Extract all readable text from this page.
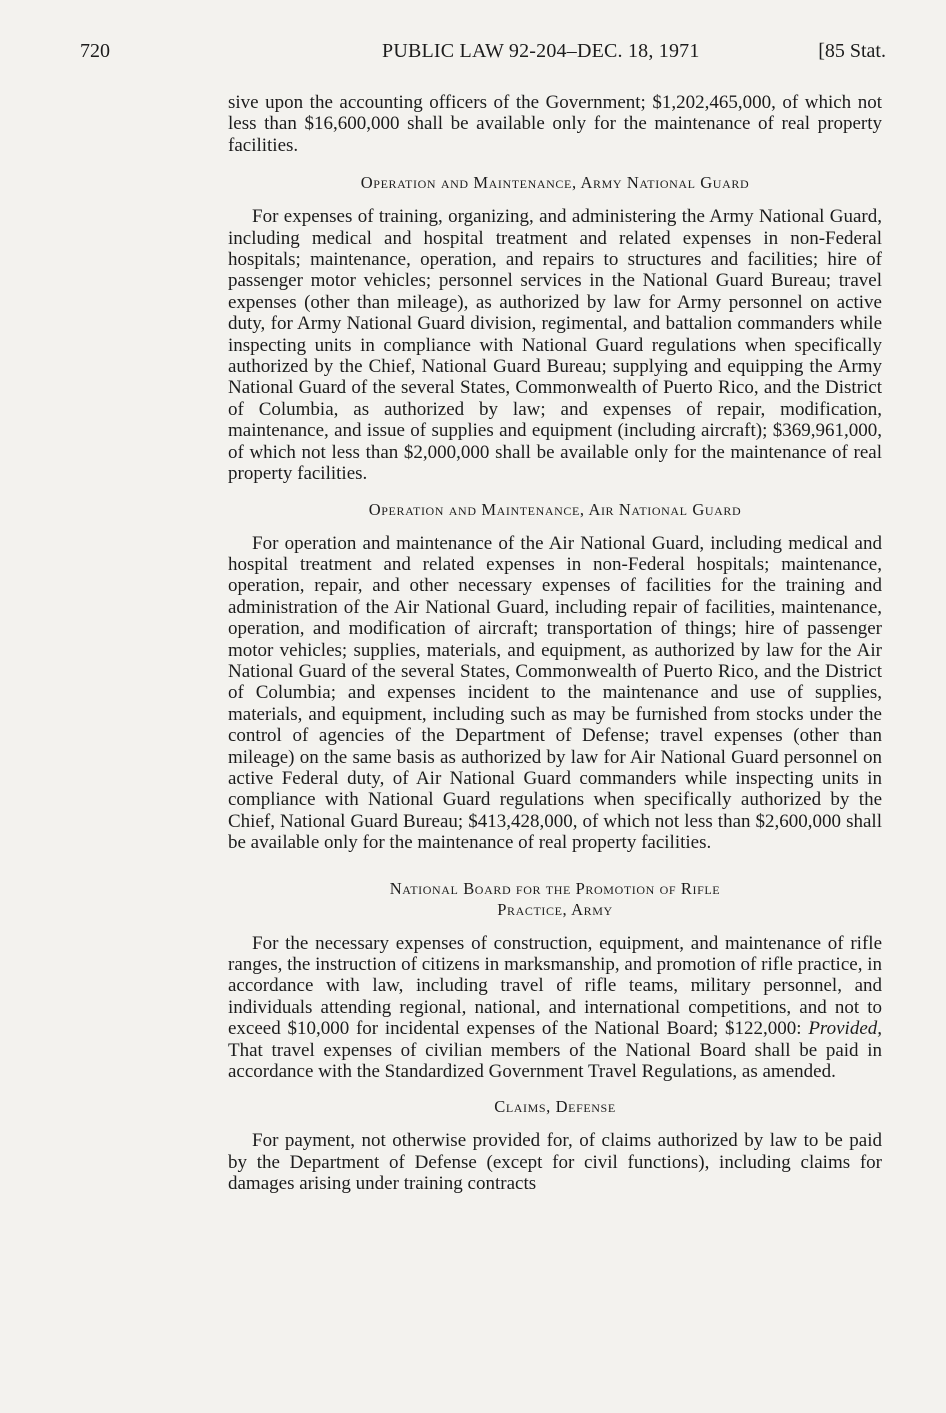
720	PUBLIC LAW 92-204–DEC. 18, 1971	[85 Stat.

sive upon the accounting officers of the Government; $1,202,465,000, of which not less than $16,600,000 shall be available only for the maintenance of real property facilities.

Operation and Maintenance, Army National Guard

For expenses of training, organizing, and administering the Army National Guard, including medical and hospital treatment and related expenses in non-Federal hospitals; maintenance, operation, and repairs to structures and facilities; hire of passenger motor vehicles; personnel services in the National Guard Bureau; travel expenses (other than mileage), as authorized by law for Army personnel on active duty, for Army National Guard division, regimental, and battalion commanders while inspecting units in compliance with National Guard regulations when specifically authorized by the Chief, National Guard Bureau; supplying and equipping the Army National Guard of the several States, Commonwealth of Puerto Rico, and the District of Columbia, as authorized by law; and expenses of repair, modification, maintenance, and issue of supplies and equipment (including aircraft); $369,961,000, of which not less than $2,000,000 shall be available only for the maintenance of real property facilities.

Operation and Maintenance, Air National Guard

For operation and maintenance of the Air National Guard, including medical and hospital treatment and related expenses in non-Federal hospitals; maintenance, operation, repair, and other necessary expenses of facilities for the training and administration of the Air National Guard, including repair of facilities, maintenance, operation, and modification of aircraft; transportation of things; hire of passenger motor vehicles; supplies, materials, and equipment, as authorized by law for the Air National Guard of the several States, Commonwealth of Puerto Rico, and the District of Columbia; and expenses incident to the maintenance and use of supplies, materials, and equipment, including such as may be furnished from stocks under the control of agencies of the Department of Defense; travel expenses (other than mileage) on the same basis as authorized by law for Air National Guard personnel on active Federal duty, of Air National Guard commanders while inspecting units in compliance with National Guard regulations when specifically authorized by the Chief, National Guard Bureau; $413,428,000, of which not less than $2,600,000 shall be available only for the maintenance of real property facilities.

National Board for the Promotion of Rifle
Practice, Army

For the necessary expenses of construction, equipment, and maintenance of rifle ranges, the instruction of citizens in marksmanship, and promotion of rifle practice, in accordance with law, including travel of rifle teams, military personnel, and individuals attending regional, national, and international competitions, and not to exceed $10,000 for incidental expenses of the National Board; $122,000: Provided, That travel expenses of civilian members of the National Board shall be paid in accordance with the Standardized Government Travel Regulations, as amended.

Claims, Defense

For payment, not otherwise provided for, of claims authorized by law to be paid by the Department of Defense (except for civil functions), including claims for damages arising under training contracts
